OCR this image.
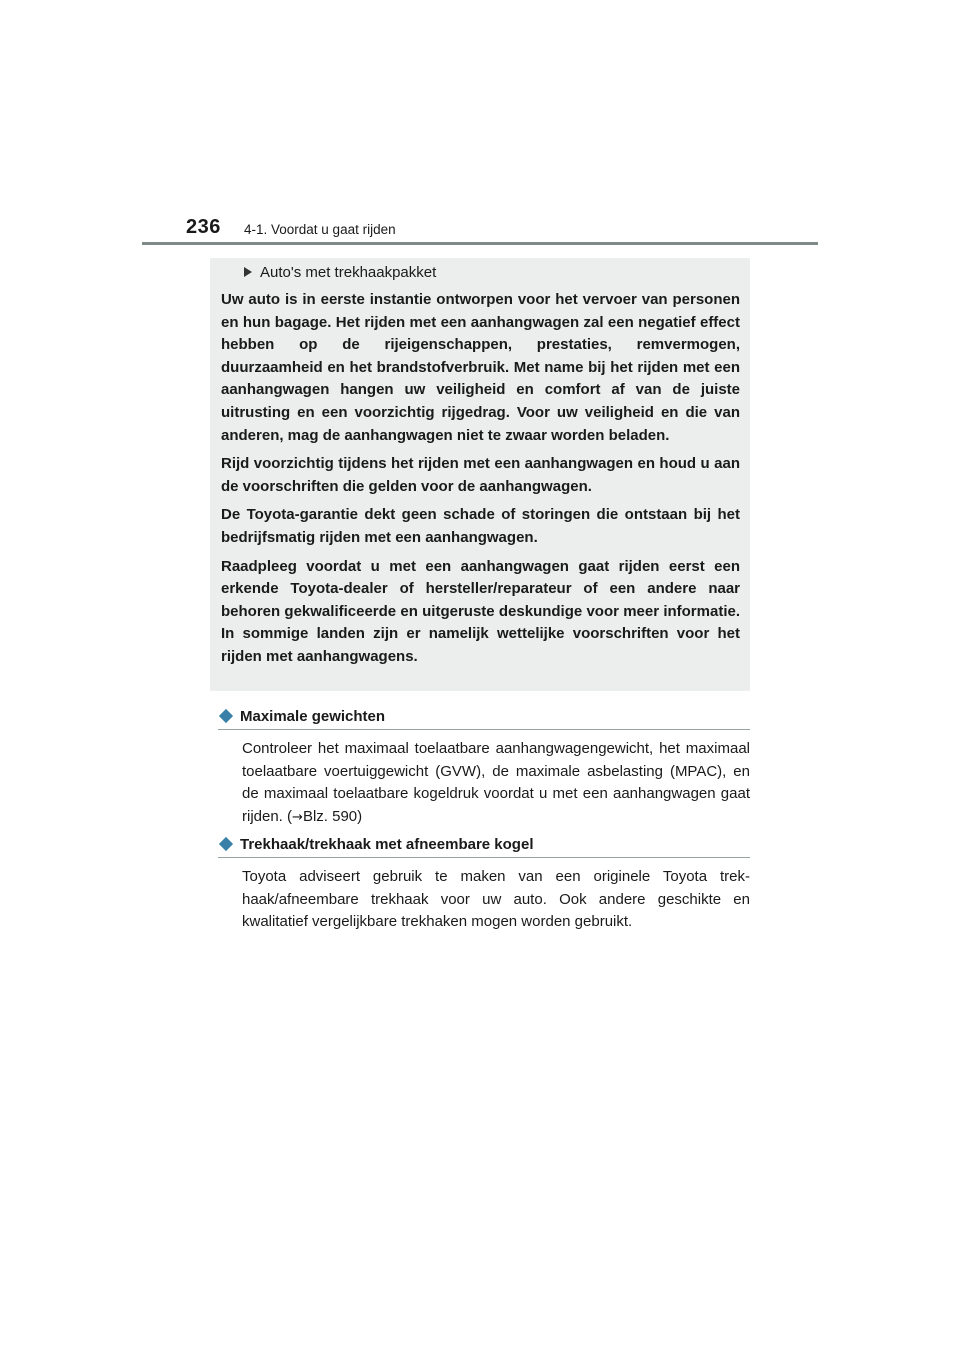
236 4-1. Voordat u gaat rijden
Auto's met trekhaakpakket

Uw auto is in eerste instantie ontworpen voor het vervoer van personen en hun bagage. Het rijden met een aanhangwagen zal een negatief effect hebben op de rijeigenschappen, prestaties, remvermogen, duurzaamheid en het brandstofverbruik. Met name bij het rijden met een aanhangwagen hangen uw veiligheid en comfort af van de juiste uitrusting en een voorzichtig rijgedrag. Voor uw veiligheid en die van anderen, mag de aanhangwagen niet te zwaar worden beladen.

Rijd voorzichtig tijdens het rijden met een aanhangwagen en houd u aan de voorschriften die gelden voor de aanhangwagen.

De Toyota-garantie dekt geen schade of storingen die ontstaan bij het bedrijfsmatig rijden met een aanhangwagen.

Raadpleeg voordat u met een aanhangwagen gaat rijden eerst een erkende Toyota-dealer of hersteller/reparateur of een andere naar behoren gekwalificeerde en uitgeruste deskundige voor meer informatie. In sommige landen zijn er namelijk wettelijke voorschriften voor het rijden met aanhangwagens.

Maximale gewichten
Controleer het maximaal toelaatbare aanhangwagengewicht, het maximaal toelaatbare voertuiggewicht (GVW), de maximale asbelasting (MPAC), en de maximaal toelaatbare kogeldruk voordat u met een aanhangwagen gaat rijden. (→Blz. 590)
Trekhaak/trekhaak met afneembare kogel
Toyota adviseert gebruik te maken van een originele Toyota trekhaak/afneembare trekhaak voor uw auto. Ook andere geschikte en kwalitatief vergelijkbare trekhaken mogen worden gebruikt.
